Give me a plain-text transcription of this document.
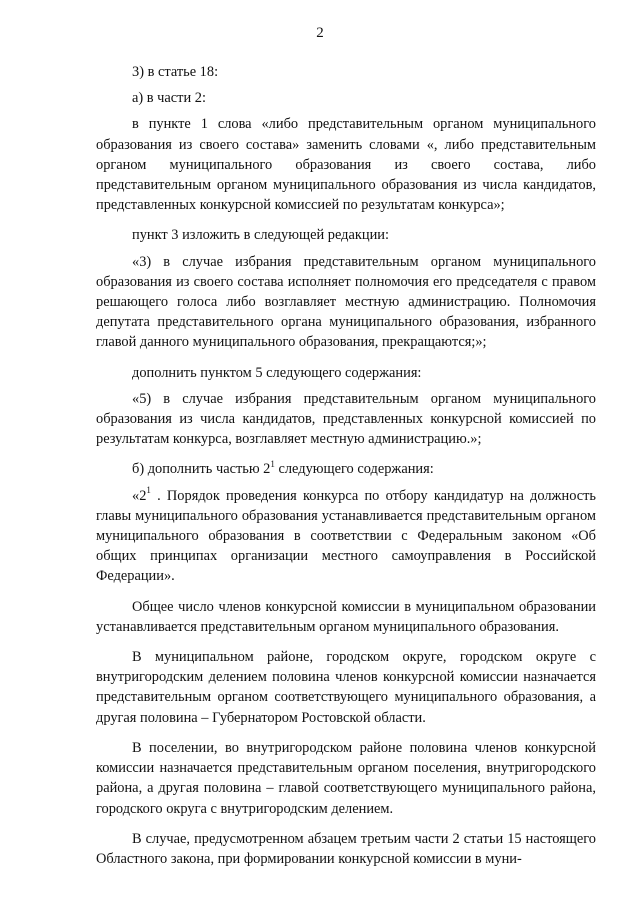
2

3) в статье 18:

а) в части 2:

в пункте 1 слова «либо представительным органом муниципального образования из своего состава» заменить словами «, либо представительным органом муниципального образования из своего состава, либо представительным органом муниципального образования из числа кандидатов, представленных конкурсной комиссией по результатам конкурса»;

пункт 3 изложить в следующей редакции:

«3) в случае избрания представительным органом муниципального образования из своего состава исполняет полномочия его председателя с правом решающего голоса либо возглавляет местную администрацию. Полномочия депутата представительного органа муниципального образования, избранного главой данного муниципального образования, прекращаются;»;

дополнить пунктом 5 следующего содержания:

«5) в случае избрания представительным органом муниципального образования из числа кандидатов, представленных конкурсной комиссией по результатам конкурса, возглавляет местную администрацию.»;

б) дополнить частью $2^1$ следующего содержания:

«$2^1$ . Порядок проведения конкурса по отбору кандидатур на должность главы муниципального образования устанавливается представительным органом муниципального образования в соответствии с Федеральным законом «Об общих принципах организации местного самоуправления в Российской Федерации».

Общее число членов конкурсной комиссии в муниципальном образовании устанавливается представительным органом муниципального образования.

В муниципальном районе, городском округе, городском округе с внутригородским делением половина членов конкурсной комиссии назначается представительным органом соответствующего муниципального образования, а другая половина – Губернатором Ростовской области.

В поселении, во внутригородском районе половина членов конкурсной комиссии назначается представительным органом поселения, внутригородского района, а другая половина – главой соответствующего муниципального района, городского округа с внутригородским делением.

В случае, предусмотренном абзацем третьим части 2 статьи 15 настоящего Областного закона, при формировании конкурсной комиссии в муни-
